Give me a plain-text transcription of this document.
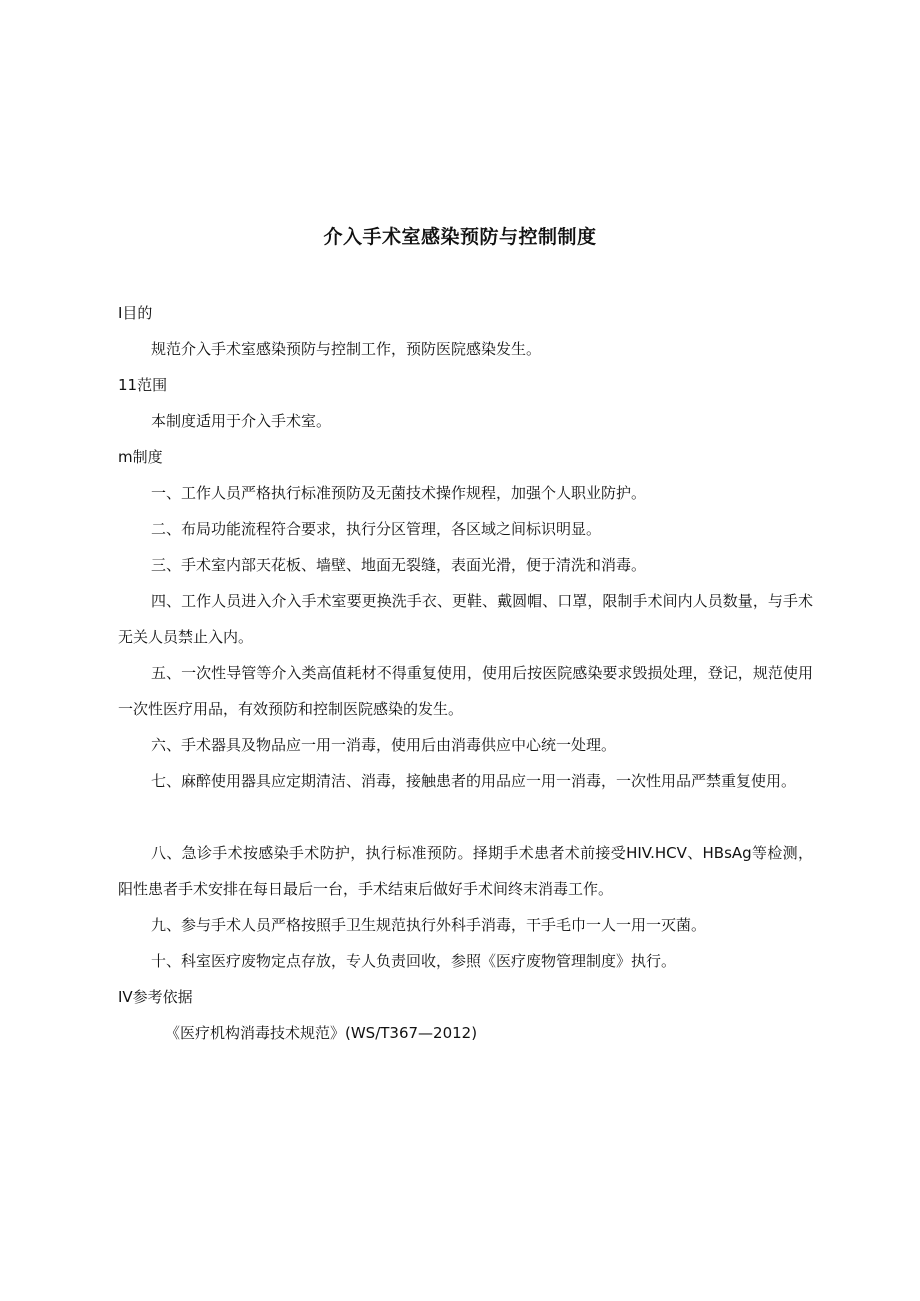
介入手术室感染预防与控制制度
I目的
规范介入手术室感染预防与控制工作，预防医院感染发生。
11范围
本制度适用于介入手术室。
m制度
一、工作人员严格执行标准预防及无菌技术操作规程，加强个人职业防护。
二、布局功能流程符合要求，执行分区管理，各区域之间标识明显。
三、手术室内部天花板、墙壁、地面无裂缝，表面光滑，便于清洗和消毒。
四、工作人员进入介入手术室要更换洗手衣、更鞋、戴圆帽、口罩，限制手术间内人员数量，与手术无关人员禁止入内。
五、一次性导管等介入类高值耗材不得重复使用，使用后按医院感染要求毁损处理，登记，规范使用一次性医疗用品，有效预防和控制医院感染的发生。
六、手术器具及物品应一用一消毒，使用后由消毒供应中心统一处理。
七、麻醉使用器具应定期清洁、消毒，接触患者的用品应一用一消毒，一次性用品严禁重复使用。
八、急诊手术按感染手术防护，执行标准预防。择期手术患者术前接受HIV.HCV、HBsAg等检测，阳性患者手术安排在每日最后一台，手术结束后做好手术间终末消毒工作。
九、参与手术人员严格按照手卫生规范执行外科手消毒，干手毛巾一人一用一灭菌。
十、科室医疗废物定点存放，专人负责回收，参照《医疗废物管理制度》执行。
IV参考依据
《医疗机构消毒技术规范》(WS/T367—2012)
